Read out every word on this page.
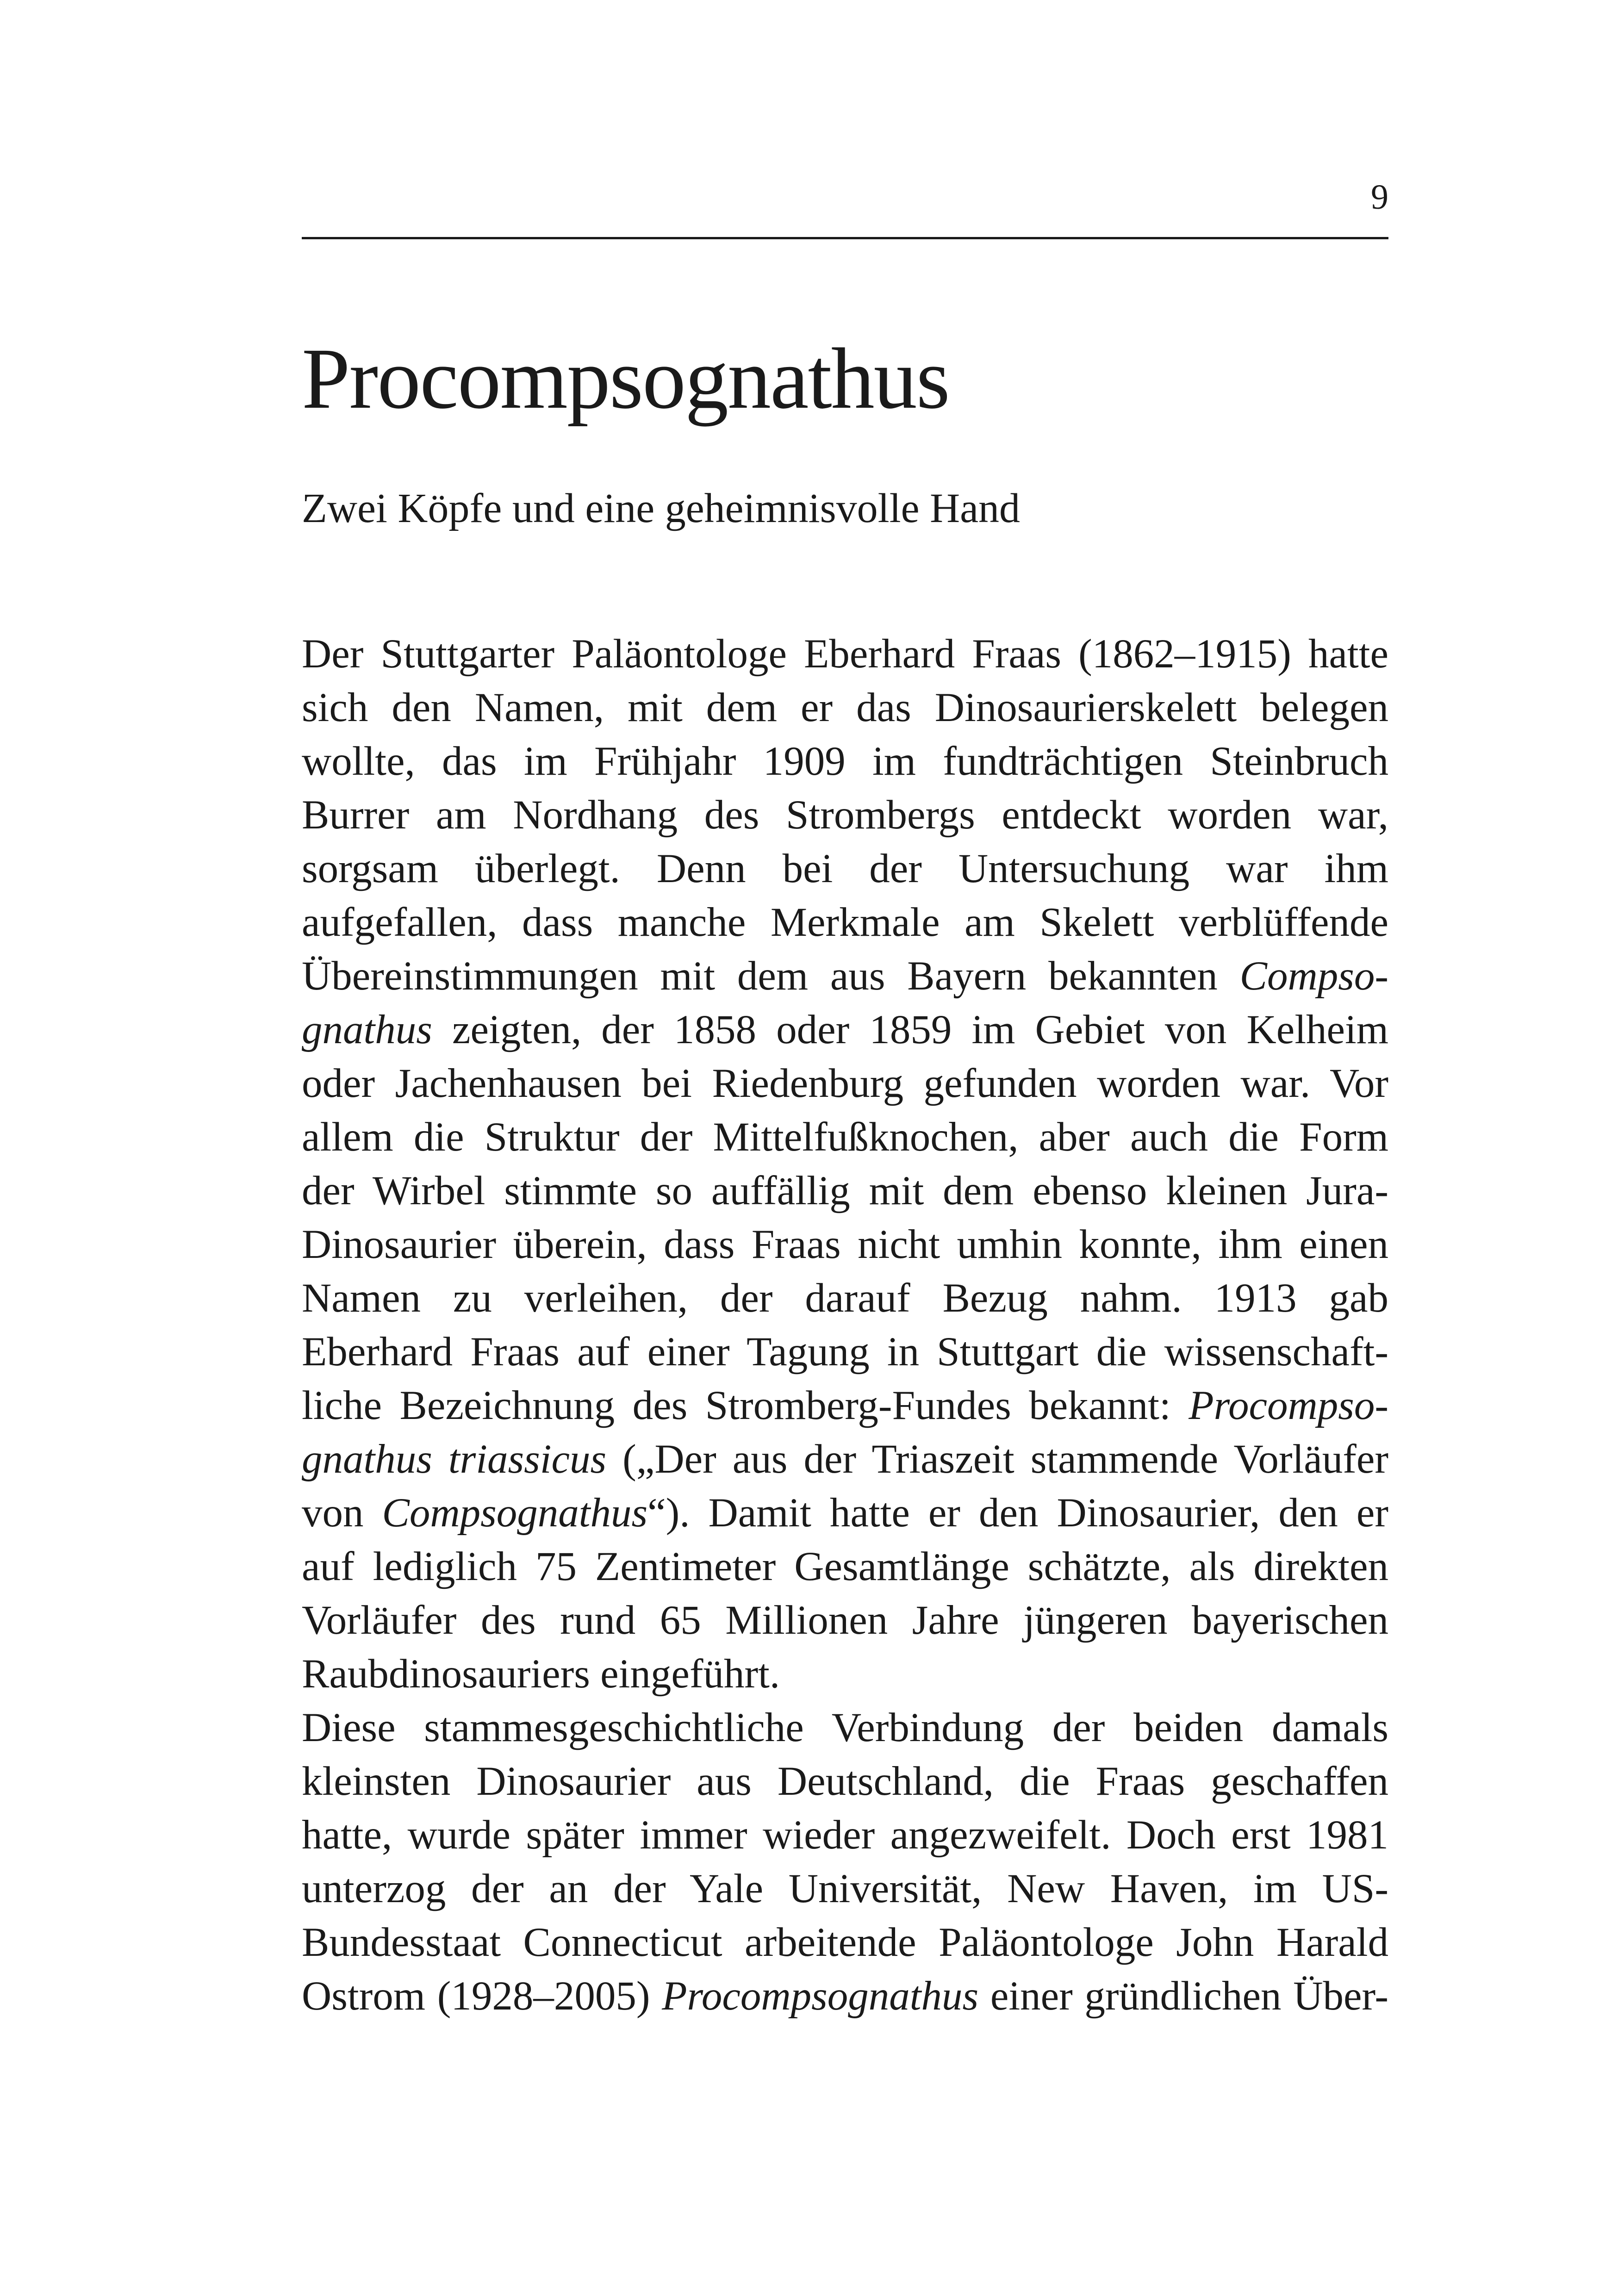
9
Procompsognathus

Zwei Köpfe und eine geheimnisvolle Hand

Der Stuttgarter Paläontologe Eberhard Fraas (1862–1915) hatte
sich den Namen, mit dem er das Dinosaurierskelett belegen
wollte, das im Frühjahr 1909 im fundträchtigen Steinbruch
Burrer am Nordhang des Strombergs entdeckt worden war,
sorgsam überlegt. Denn bei der Untersuchung war ihm
aufgefallen, dass manche Merkmale am Skelett verblüffende
Übereinstimmungen mit dem aus Bayern bekannten Compso-
gnathus zeigten, der 1858 oder 1859 im Gebiet von Kelheim
oder Jachenhausen bei Riedenburg gefunden worden war. Vor
allem die Struktur der Mittelfußknochen, aber auch die Form
der Wirbel stimmte so auffällig mit dem ebenso kleinen Jura-
Dinosaurier überein, dass Fraas nicht umhin konnte, ihm einen
Namen zu verleihen, der darauf Bezug nahm. 1913 gab
Eberhard Fraas auf einer Tagung in Stuttgart die wissenschaft-
liche Bezeichnung des Stromberg-Fundes bekannt: Procompso-
gnathus triassicus („Der aus der Triaszeit stammende Vorläufer
von Compsognathus“). Damit hatte er den Dinosaurier, den er
auf lediglich 75 Zentimeter Gesamtlänge schätzte, als direkten
Vorläufer des rund 65 Millionen Jahre jüngeren bayerischen
Raubdinosauriers eingeführt.
Diese stammesgeschichtliche Verbindung der beiden damals
kleinsten Dinosaurier aus Deutschland, die Fraas geschaffen
hatte, wurde später immer wieder angezweifelt. Doch erst 1981
unterzog der an der Yale Universität, New Haven, im US-
Bundesstaat Connecticut arbeitende Paläontologe John Harald
Ostrom (1928–2005) Procompsognathus einer gründlichen Über-
